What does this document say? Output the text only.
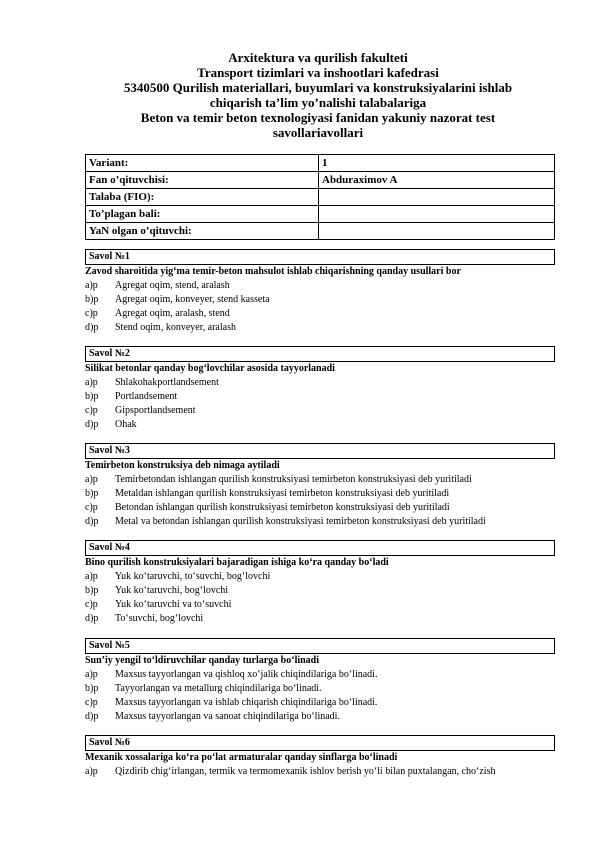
Arxitektura va qurilish fakulteti
Transport tizimlari va inshootlari kafedrasi
5340500 Qurilish materiallari, buyumlari va konstruksiyalarini ishlab
chiqarish ta’lim yo’nalishi talabalariga
Beton va temir beton texnologiyasi fanidan yakuniy nazorat test
savollariavollari
Variant:	1
Fan o’qituvchisi:	Abduraximov A
Talaba (FIO):	
To’plagan bali:	
YaN olgan o’qituvchi:	
Savol №1
Zavod sharoitida yig‘ma temir-beton mahsulot ishlab chiqarishning qanday usullari bor
a)p	Agregat oqim, stend, aralash
b)p	Agregat oqim, konveyer, stend kasseta
c)p	Agregat oqim, aralash, stend
d)p	Stend oqim, konveyer, aralash
Savol №2
Silikat betonlar qanday bog‘lovchilar asosida tayyorlanadi
a)p	Shlakohakportlandsement
b)p	Portlandsement
c)p	Gipsportlandsement
d)p	Ohak
Savol №3
Temirbeton konstruksiya deb nimaga aytiladi
a)p	Temirbetondan ishlangan qurilish konstruksiyasi temirbeton konstruksiyasi deb yuritiladi
b)p	Metaldan ishlangan qurilish konstruksiyasi temirbeton konstruksiyasi deb yuritiladi
c)p	Betondan ishlangan qurilish konstruksiyasi temirbeton konstruksiyasi deb yuritiladi
d)p	Metal va betondan ishlangan qurilish konstruksiyasi temirbeton konstruksiyasi deb yuritiladi
Savol №4
Bino qurilish konstruksiyalari bajaradigan ishiga ko‘ra qanday bo‘ladi
a)p	Yuk ko‘taruvchi, to‘suvchi, bog‘lovchi
b)p	Yuk ko‘taruvchi, bog‘lovchi
c)p	Yuk ko‘taruvchi va to‘suvchi
d)p	To‘suvchi, bog‘lovchi
Savol №5
Sun’iy yengil to‘ldiruvchilar qanday turlarga bo‘linadi
a)p	Maxsus tayyorlangan va qishloq xo‘jalik chiqindilariga bo‘linadi.
b)p	Tayyorlangan va metallurg chiqindilariga bo‘linadi.
c)p	Maxsus tayyorlangan va ishlab chiqarish chiqindilariga bo‘linadi.
d)p	Maxsus tayyorlangan va sanoat chiqindilariga bo‘linadi.
Savol №6
Mexanik xossalariga ko‘ra po‘lat armaturalar qanday sinflarga bo‘linadi
a)p	Qizdirib chig‘irlangan, termik va termomexanik ishlov berish yo‘li bilan puxtalangan, cho‘zish
